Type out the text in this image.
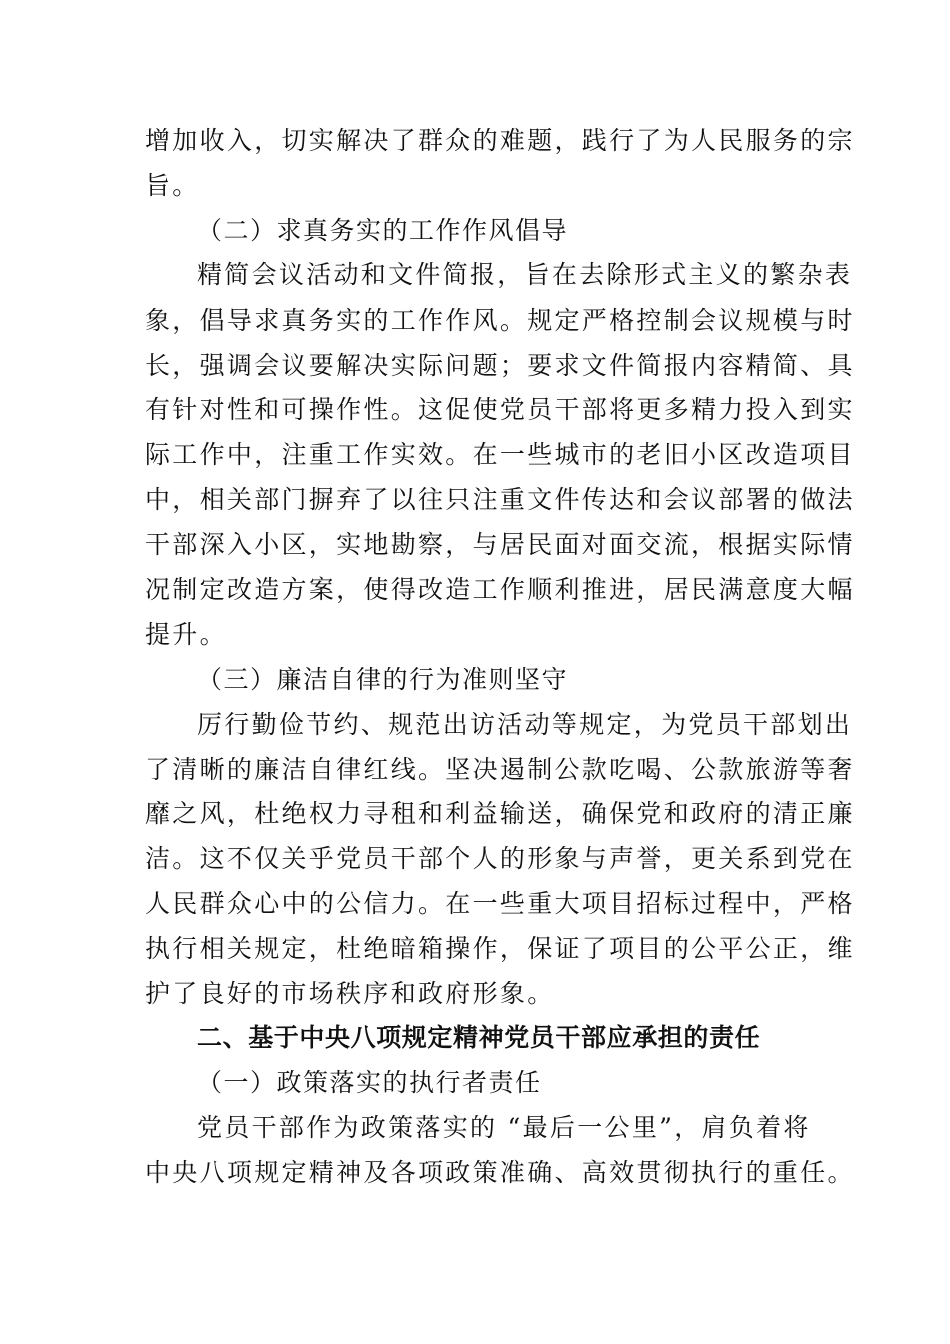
增加收入，切实解决了群众的难题，践行了为人民服务的宗
旨。
（二）求真务实的工作作风倡导
精简会议活动和文件简报，旨在去除形式主义的繁杂表
象，倡导求真务实的工作作风。规定严格控制会议规模与时
长，强调会议要解决实际问题；要求文件简报内容精简、具
有针对性和可操作性。这促使党员干部将更多精力投入到实
际工作中，注重工作实效。在一些城市的老旧小区改造项目
中，相关部门摒弃了以往只注重文件传达和会议部署的做法
干部深入小区，实地勘察，与居民面对面交流，根据实际情
况制定改造方案，使得改造工作顺利推进，居民满意度大幅
提升。
（三）廉洁自律的行为准则坚守
厉行勤俭节约、规范出访活动等规定，为党员干部划出
了清晰的廉洁自律红线。坚决遏制公款吃喝、公款旅游等奢
靡之风，杜绝权力寻租和利益输送，确保党和政府的清正廉
洁。这不仅关乎党员干部个人的形象与声誉，更关系到党在
人民群众心中的公信力。在一些重大项目招标过程中，严格
执行相关规定，杜绝暗箱操作，保证了项目的公平公正，维
护了良好的市场秩序和政府形象。
二、基于中央八项规定精神党员干部应承担的责任
（一）政策落实的执行者责任
党员干部作为政策落实的 “最后一公里”，肩负着将
中央八项规定精神及各项政策准确、高效贯彻执行的重任。
